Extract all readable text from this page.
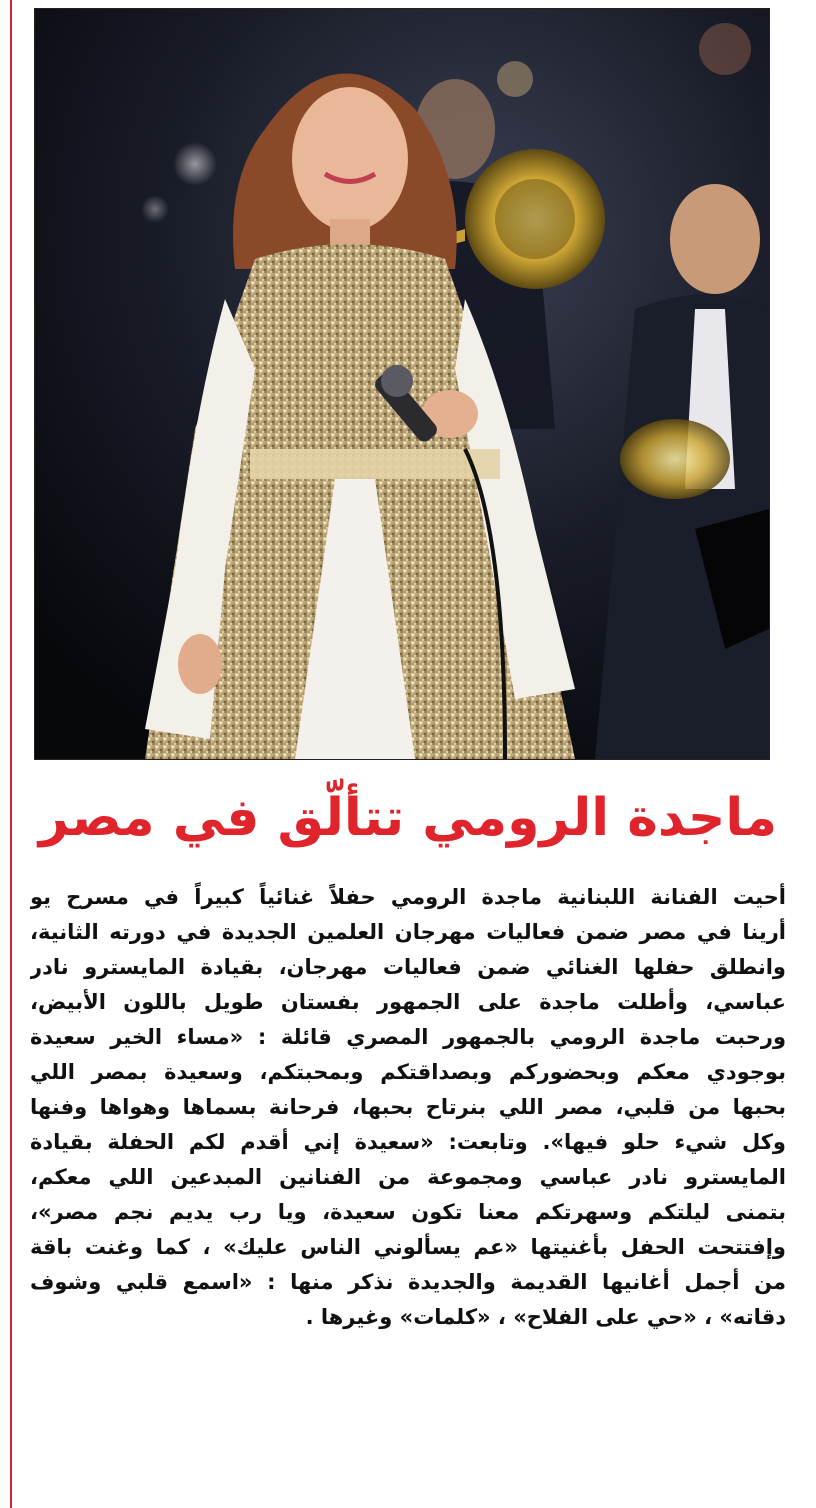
ماجدة الرومي تتألّق في مصر
أحيت الفنانة اللبنانية ماجدة الرومي حفلاً غنائياً كبيراً في مسرح يو
أرينا في مصر ضمن فعاليات مهرجان العلمين الجديدة في دورته الثانية،
وانطلق حفلها الغنائي ضمن فعاليات مهرجان، بقيادة المايسترو نادر
عباسي، وأطلت ماجدة على الجمهور بفستان طويل باللون الأبيض،
ورحبت ماجدة الرومي بالجمهور المصري قائلة : «مساء الخير سعيدة
بوجودي معكم وبحضوركم وبصداقتكم وبمحبتكم، وسعيدة بمصر اللي
بحبها من قلبي، مصر اللي بنرتاح بحبها، فرحانة بسماها وهواها وفنها
وكل شيء حلو فيها». وتابعت: «سعيدة إني أقدم لكم الحفلة بقيادة
المايسترو نادر عباسي ومجموعة من الفنانين المبدعين اللي معكم،
بتمنى ليلتكم وسهرتكم معنا تكون سعيدة، ويا رب يديم نجم مصر»،
وإفتتحت الحفل بأغنيتها «عم يسألوني الناس عليك» ، كما وغنت باقة
من أجمل أغانيها القديمة والجديدة نذكر منها : «اسمع قلبي وشوف
دقاته» ، «حي على الفلاح» ، «كلمات» وغيرها .
